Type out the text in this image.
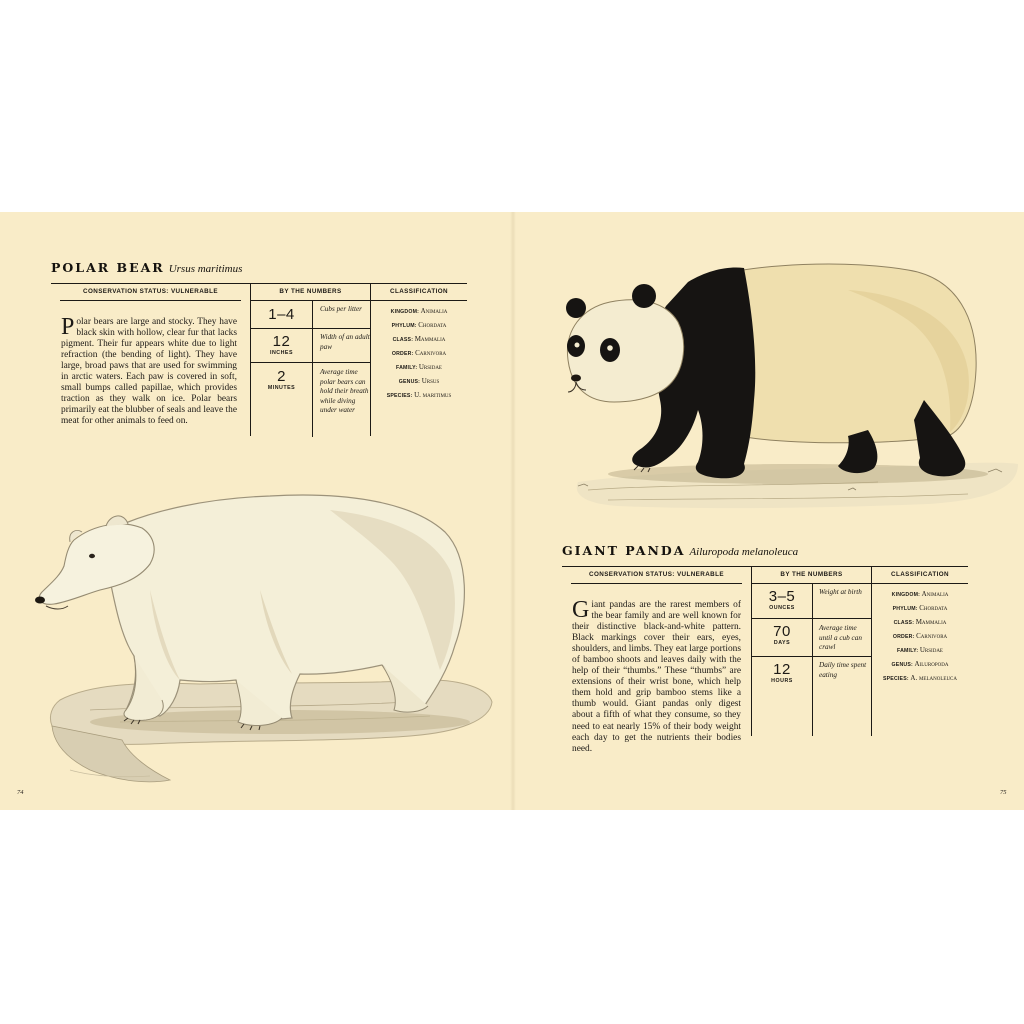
POLAR BEAR Ursus maritimus
CONSERVATION STATUS: VULNERABLE
Polar bears are large and stocky. They have black skin with hollow, clear fur that lacks pigment. Their fur appears white due to light refraction (the bending of light). They have large, broad paws that are used for swimming in arctic waters. Each paw is covered in soft, small bumps called papillae, which provides traction as they walk on ice. Polar bears primarily eat the blubber of seals and leave the meat for other animals to feed on.
BY THE NUMBERS
1–4	Cubs per litter
12
INCHES
Width of an adult paw
2
MINUTES
Average time polar bears can hold their breath while diving under water
CLASSIFICATION
KINGDOM: Animalia
PHYLUM: Chordata
CLASS: Mammalia
ORDER: Carnivora
FAMILY: Ursidae
GENUS: Ursus
SPECIES: U. maritimus
74
GIANT PANDA Ailuropoda melanoleuca
CONSERVATION STATUS: VULNERABLE
Giant pandas are the rarest members of the bear family and are well known for their distinctive black-and-white pattern. Black markings cover their ears, eyes, shoulders, and limbs. They eat large portions of bamboo shoots and leaves daily with the help of their “thumbs.” These “thumbs” are extensions of their wrist bone, which help them hold and grip bamboo stems like a thumb would. Giant pandas only digest about a fifth of what they consume, so they need to eat nearly 15% of their body weight each day to get the nutrients their bodies need.
BY THE NUMBERS
3–5
OUNCES
Weight at birth
70
DAYS
Average time until a cub can crawl
12
HOURS
Daily time spent eating
CLASSIFICATION
KINGDOM: Animalia
PHYLUM: Chordata
CLASS: Mammalia
ORDER: Carnivora
FAMILY: Ursidae
GENUS: Ailuropoda
SPECIES: A. melanoleuca
75
